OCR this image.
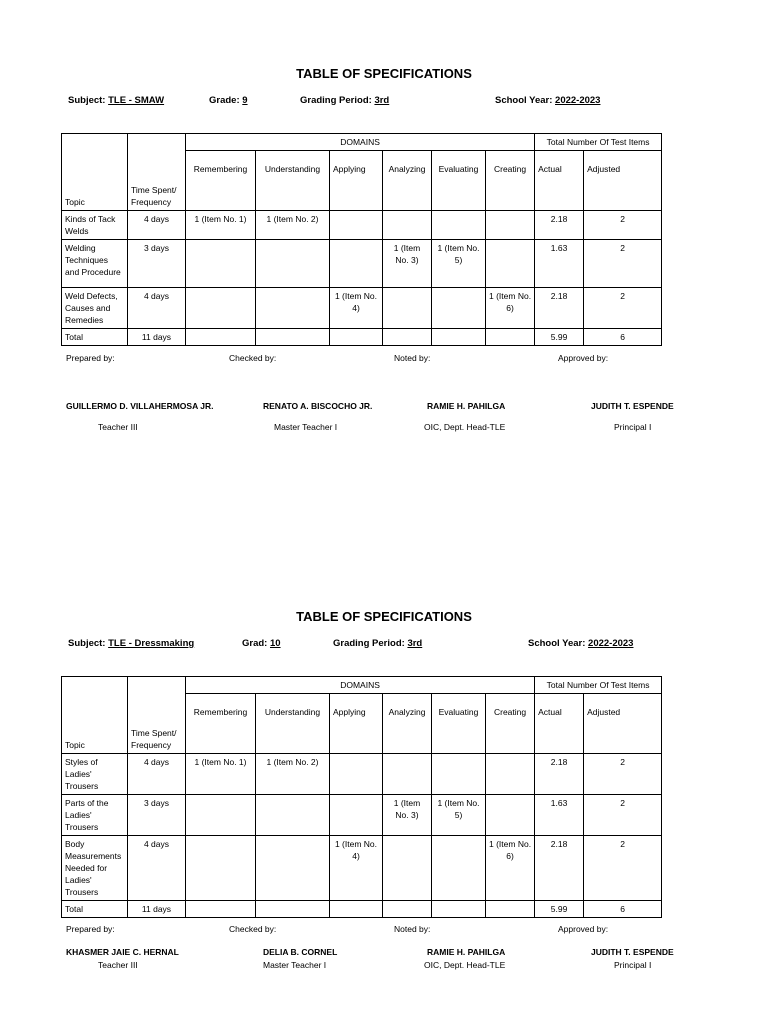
TABLE OF SPECIFICATIONS
Subject: TLE - SMAW	Grade: 9	Grading Period: 3rd	School Year: 2022-2023
Topic	Time Spent/ Frequency	DOMAINS						Total Number Of Test Items	
		Remembering	Understanding	Applying	Analyzing	Evaluating	Creating	Actual	Adjusted
Kinds of Tack Welds	4 days	1 (Item No. 1)	1 (Item No. 2)					2.18	2
Welding Techniques and Procedure	3 days				1 (Item No. 3)	1 (Item No. 5)		1.63	2
Weld Defects, Causes and Remedies	4 days			1 (Item No. 4)			1 (Item No. 6)	2.18	2
Total	11 days							5.99	6
Prepared by:	Checked by:	Noted by:	Approved by:
GUILLERMO D. VILLAHERMOSA JR.	RENATO A. BISCOCHO JR.	RAMIE H. PAHILGA	JUDITH T. ESPENDE
Teacher III	Master Teacher I	OIC, Dept. Head-TLE	Principal I
TABLE OF SPECIFICATIONS
Subject: TLE - Dressmaking	Grad: 10	Grading Period: 3rd	School Year: 2022-2023
Topic	Time Spent/ Frequency	DOMAINS						Total Number Of Test Items	
		Remembering	Understanding	Applying	Analyzing	Evaluating	Creating	Actual	Adjusted
Styles of Ladies' Trousers	4 days	1 (Item No. 1)	1 (Item No. 2)					2.18	2
Parts of the Ladies' Trousers	3 days				1 (Item No. 3)	1 (Item No. 5)		1.63	2
Body Measurements Needed for Ladies' Trousers	4 days			1 (Item No. 4)			1 (Item No. 6)	2.18	2
Total	11 days							5.99	6
Prepared by:	Checked by:	Noted by:	Approved by:
KHASMER JAIE C. HERNAL	DELIA B. CORNEL	RAMIE H. PAHILGA	JUDITH T. ESPENDE
Teacher III	Master Teacher I	OIC, Dept. Head-TLE	Principal I
